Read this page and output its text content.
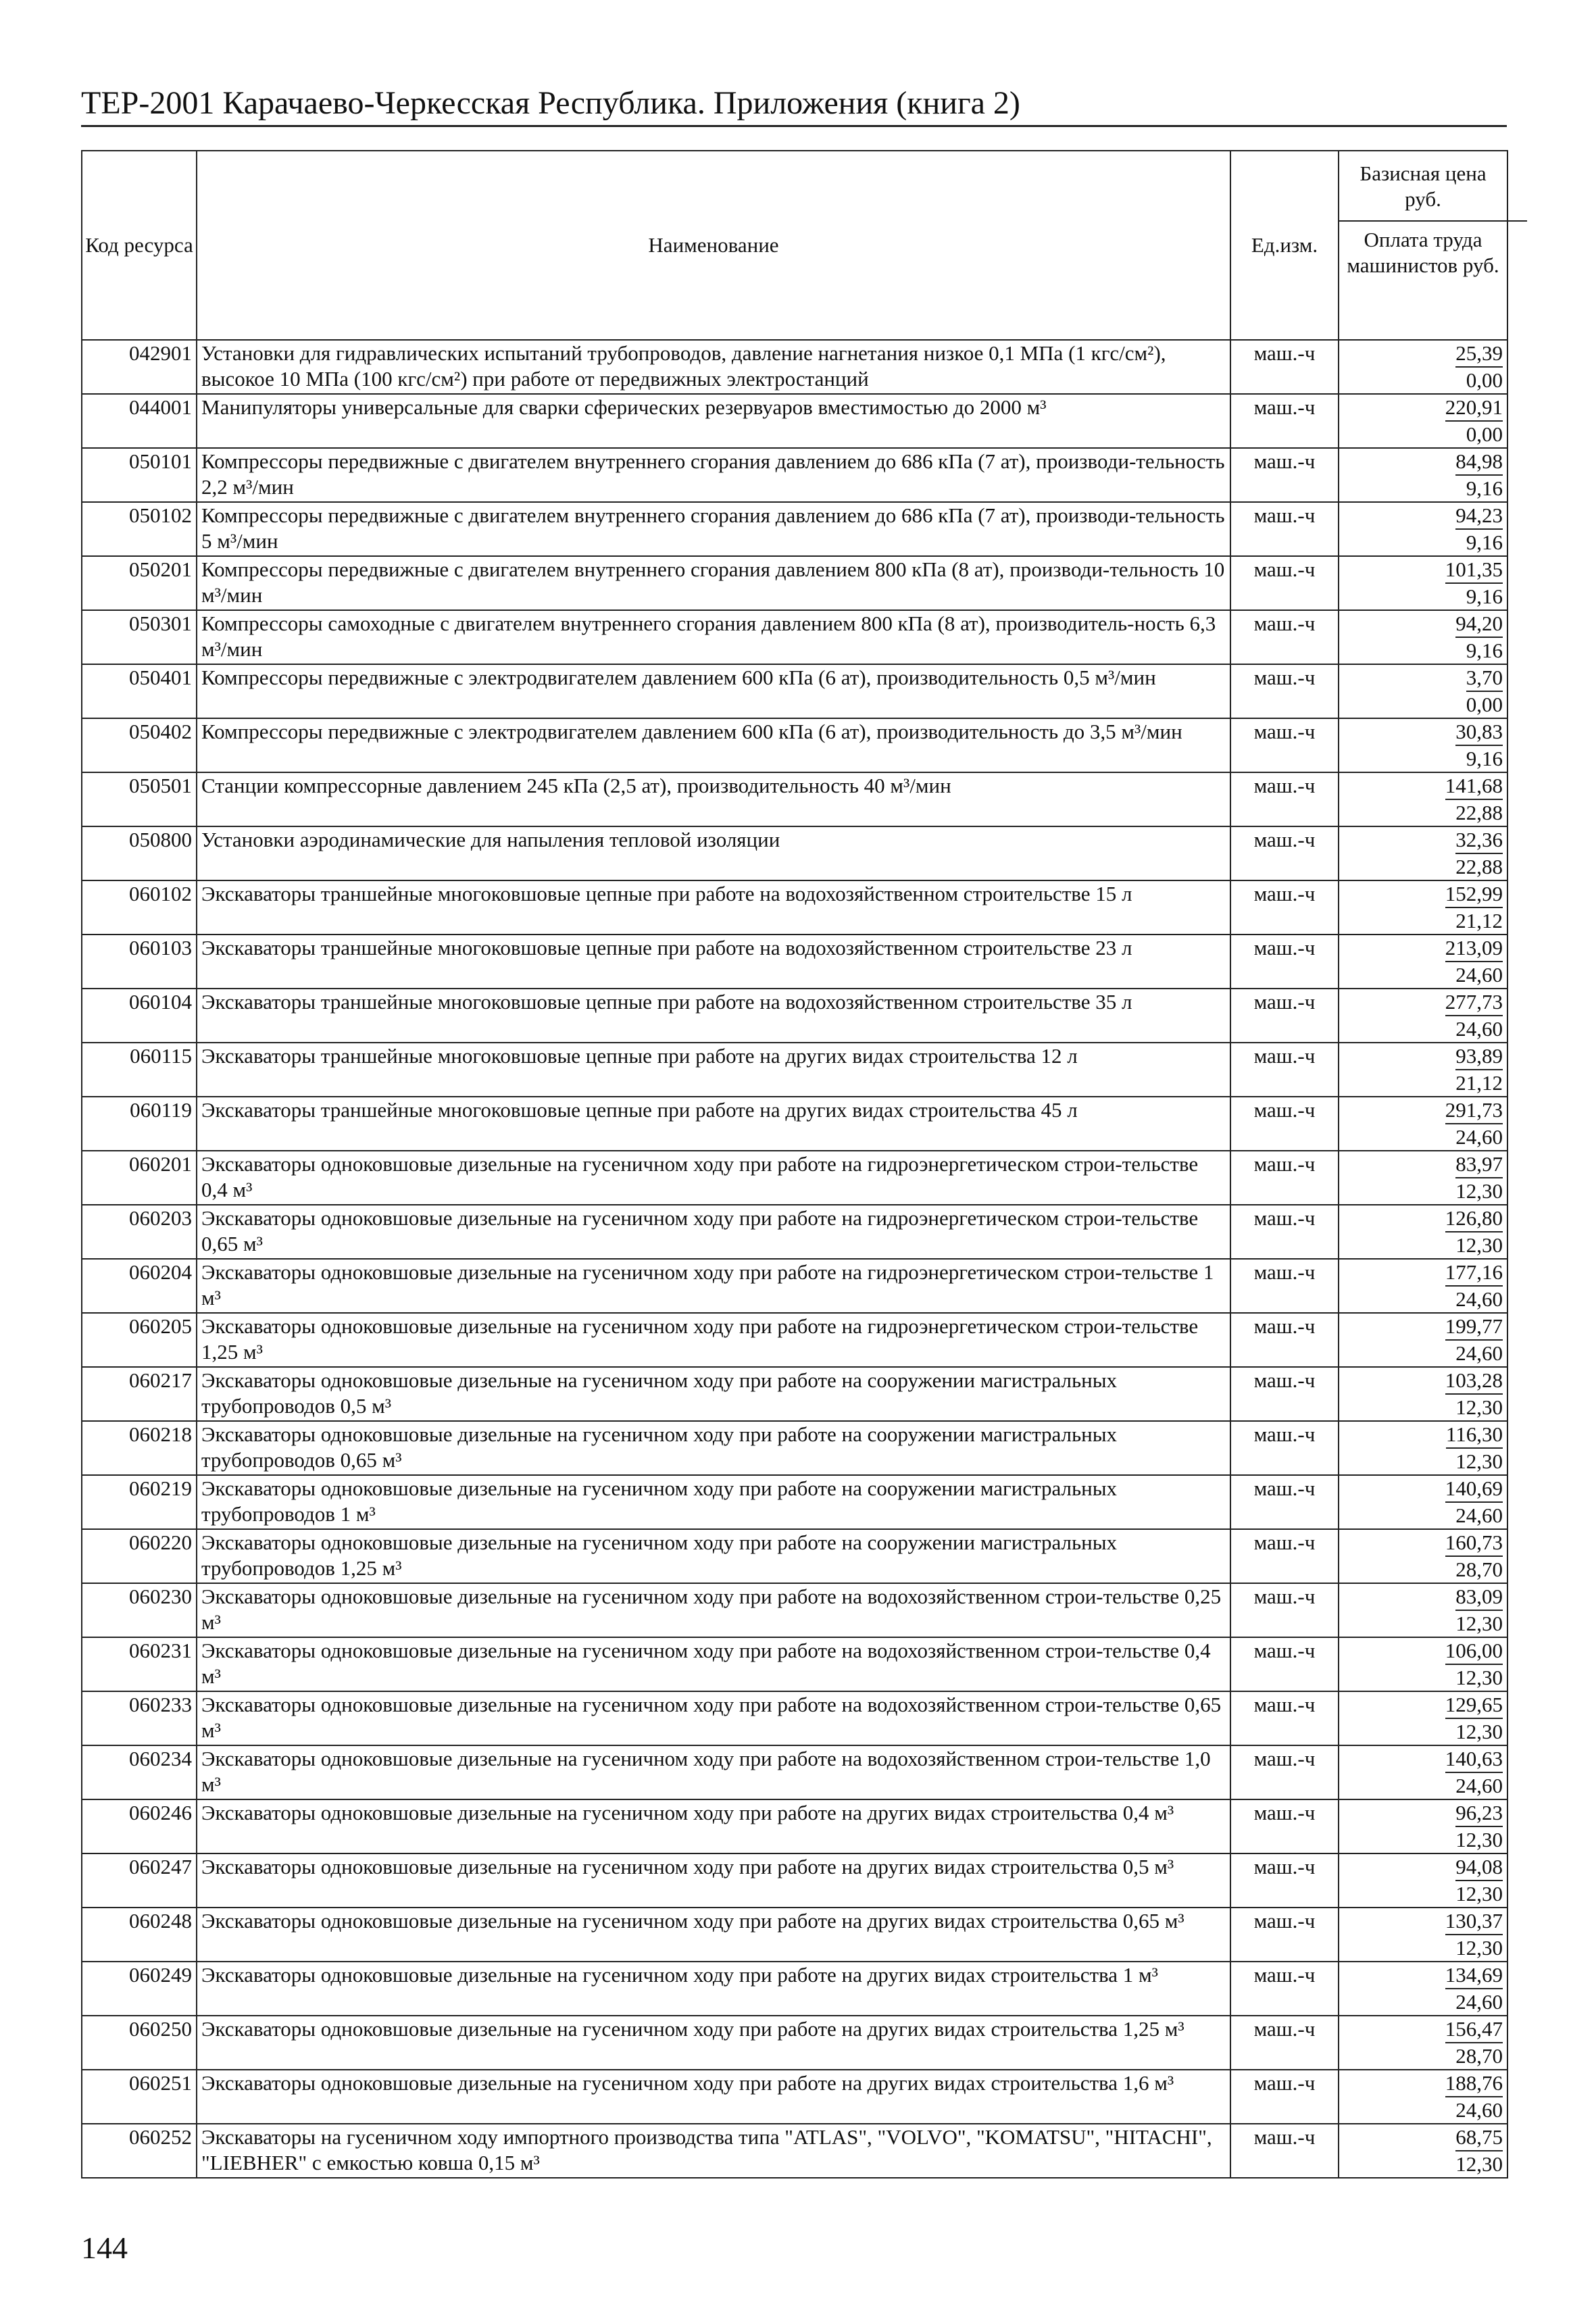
ТЕР-2001 Карачаево-Черкесская Республика. Приложения (книга 2)
Код ресурса	Наименование	Ед.изм.	Базисная цена руб.
Оплата труда машинистов руб.

042901	Установки для гидравлических испытаний трубопроводов, давление нагнетания низкое 0,1 МПа (1 кгс/см²), высокое 10 МПа (100 кгс/см²) при работе от передвижных электростанций	маш.-ч	25,39
0,00

044001	Манипуляторы универсальные для сварки сферических резервуаров вместимостью до 2000 м³	маш.-ч	220,91
0,00

050101	Компрессоры передвижные с двигателем внутреннего сгорания давлением до 686 кПа (7 ат), производи-тельность 2,2 м³/мин	маш.-ч	84,98
9,16

050102	Компрессоры передвижные с двигателем внутреннего сгорания давлением до 686 кПа (7 ат), производи-тельность 5 м³/мин	маш.-ч	94,23
9,16

050201	Компрессоры передвижные с двигателем внутреннего сгорания давлением 800 кПа (8 ат), производи-тельность 10 м³/мин	маш.-ч	101,35
9,16

050301	Компрессоры самоходные с двигателем внутреннего сгорания давлением 800 кПа (8 ат), производитель-ность 6,3 м³/мин	маш.-ч	94,20
9,16

050401	Компрессоры передвижные с электродвигателем давлением 600 кПа (6 ат), производительность 0,5 м³/мин	маш.-ч	3,70
0,00

050402	Компрессоры передвижные с электродвигателем давлением 600 кПа (6 ат), производительность до 3,5 м³/мин	маш.-ч	30,83
9,16

050501	Станции компрессорные давлением 245 кПа (2,5 ат), производительность 40 м³/мин	маш.-ч	141,68
22,88

050800	Установки аэродинамические для напыления тепловой изоляции	маш.-ч	32,36
22,88

060102	Экскаваторы траншейные многоковшовые цепные при работе на водохозяйственном строительстве 15 л	маш.-ч	152,99
21,12

060103	Экскаваторы траншейные многоковшовые цепные при работе на водохозяйственном строительстве 23 л	маш.-ч	213,09
24,60

060104	Экскаваторы траншейные многоковшовые цепные при работе на водохозяйственном строительстве 35 л	маш.-ч	277,73
24,60

060115	Экскаваторы траншейные многоковшовые цепные при работе на других видах строительства 12 л	маш.-ч	93,89
21,12

060119	Экскаваторы траншейные многоковшовые цепные при работе на других видах строительства 45 л	маш.-ч	291,73
24,60

060201	Экскаваторы одноковшовые дизельные на гусеничном ходу при работе на гидроэнергетическом строи-тельстве 0,4 м³	маш.-ч	83,97
12,30

060203	Экскаваторы одноковшовые дизельные на гусеничном ходу при работе на гидроэнергетическом строи-тельстве 0,65 м³	маш.-ч	126,80
12,30

060204	Экскаваторы одноковшовые дизельные на гусеничном ходу при работе на гидроэнергетическом строи-тельстве 1 м³	маш.-ч	177,16
24,60

060205	Экскаваторы одноковшовые дизельные на гусеничном ходу при работе на гидроэнергетическом строи-тельстве 1,25 м³	маш.-ч	199,77
24,60

060217	Экскаваторы одноковшовые дизельные на гусеничном ходу при работе на сооружении магистральных трубопроводов 0,5 м³	маш.-ч	103,28
12,30

060218	Экскаваторы одноковшовые дизельные на гусеничном ходу при работе на сооружении магистральных трубопроводов 0,65 м³	маш.-ч	116,30
12,30

060219	Экскаваторы одноковшовые дизельные на гусеничном ходу при работе на сооружении магистральных трубопроводов 1 м³	маш.-ч	140,69
24,60

060220	Экскаваторы одноковшовые дизельные на гусеничном ходу при работе на сооружении магистральных трубопроводов 1,25 м³	маш.-ч	160,73
28,70

060230	Экскаваторы одноковшовые дизельные на гусеничном ходу при работе на водохозяйственном строи-тельстве 0,25 м³	маш.-ч	83,09
12,30

060231	Экскаваторы одноковшовые дизельные на гусеничном ходу при работе на водохозяйственном строи-тельстве 0,4 м³	маш.-ч	106,00
12,30

060233	Экскаваторы одноковшовые дизельные на гусеничном ходу при работе на водохозяйственном строи-тельстве 0,65 м³	маш.-ч	129,65
12,30

060234	Экскаваторы одноковшовые дизельные на гусеничном ходу при работе на водохозяйственном строи-тельстве 1,0 м³	маш.-ч	140,63
24,60

060246	Экскаваторы одноковшовые дизельные на гусеничном ходу при работе на других видах строительства 0,4 м³	маш.-ч	96,23
12,30

060247	Экскаваторы одноковшовые дизельные на гусеничном ходу при работе на других видах строительства 0,5 м³	маш.-ч	94,08
12,30

060248	Экскаваторы одноковшовые дизельные на гусеничном ходу при работе на других видах строительства 0,65 м³	маш.-ч	130,37
12,30

060249	Экскаваторы одноковшовые дизельные на гусеничном ходу при работе на других видах строительства 1 м³	маш.-ч	134,69
24,60

060250	Экскаваторы одноковшовые дизельные на гусеничном ходу при работе на других видах строительства 1,25 м³	маш.-ч	156,47
28,70

060251	Экскаваторы одноковшовые дизельные на гусеничном ходу при работе на других видах строительства 1,6 м³	маш.-ч	188,76
24,60

060252	Экскаваторы на гусеничном ходу импортного производства типа "ATLAS", "VOLVO", "KOMATSU", "HITACHI", "LIEBHER" с емкостью ковша 0,15 м³	маш.-ч	68,75
12,30
144
